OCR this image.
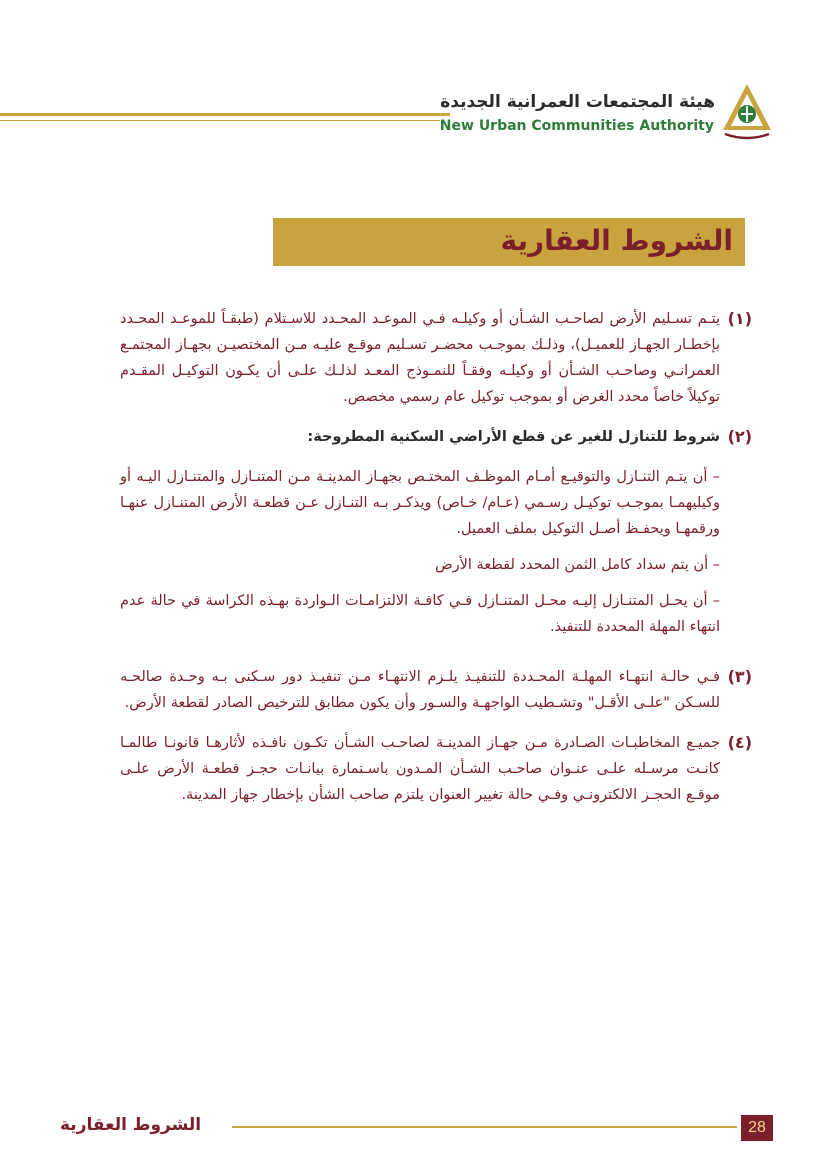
هيئة المجتمعات العمرانية الجديدة
New Urban Communities Authority
الشروط العقارية
(١)
يتـم تسـليم الأرض لصاحـب الشـأن أو وكيلـه فـي الموعـد المحـدد للاسـتلام (طبقـاً للموعـد المحـدد بإخطـار الجهـاز للعميـل)، وذلـك بموجـب محضـر تسـليم موقـع عليـه مـن المختصيـن بجهـاز المجتمـع العمرانـي وصاحـب الشـأن أو وكيلـه وفقـاً للنمـوذج المعـد لذلـك علـى أن يكـون التوكيـل المقـدم توكيلاً خاصاً محدد الغرض أو بموجب توكيل عام رسمي مخصص.
(٢)
شروط للتنازل للغير عن قطع الأراضي السكنية المطروحة:

– أن يتـم التنـازل والتوقيـع أمـام الموظـف المختـص بجهـاز المدينـة مـن المتنـازل والمتنـازل اليـه أو وكيليهمـا بموجـب توكيـل رسـمي (عـام/ خـاص) ويذكـر بـه التنـازل عـن قطعـة الأرض المتنـازل عنهـا ورقمهـا ويحفـظ أصـل التوكيل بملف العميل.

– أن يتم سداد كامل الثمن المحدد لقطعة الأرض

– أن يحـل المتنـازل إليـه محـل المتنـازل فـي كافـة الالتزامـات الـواردة بهـذه الكراسة في حالة عدم انتهاء المهلة المحددة للتنفيذ.

(٣)
فـي حالـة انتهـاء المهلـة المحـددة للتنفيـذ يلـزم الانتهـاء مـن تنفيـذ دور سـكنى بـه وحـدة صالحـه للسـكن "علـى الأقـل" وتشـطيب الواجهـة والسـور وأن يكون مطابق للترخيص الصادر لقطعة الأرض.
(٤)
جميـع المخاطبـات الصـادرة مـن جهـاز المدينـة لصاحـب الشـأن تكـون نافـذه لأثارهـا قانونـا طالمـا كانـت مرسـله علـى عنـوان صاحـب الشـأن المـدون باسـتمارة بيانـات حجـز قطعـة الأرض علـى موقـع الحجـز الالكترونـي وفـي حالة تغيير العنوان يلتزم صاحب الشأن بإخطار جهاز المدينة.
الشروط العقارية	28
